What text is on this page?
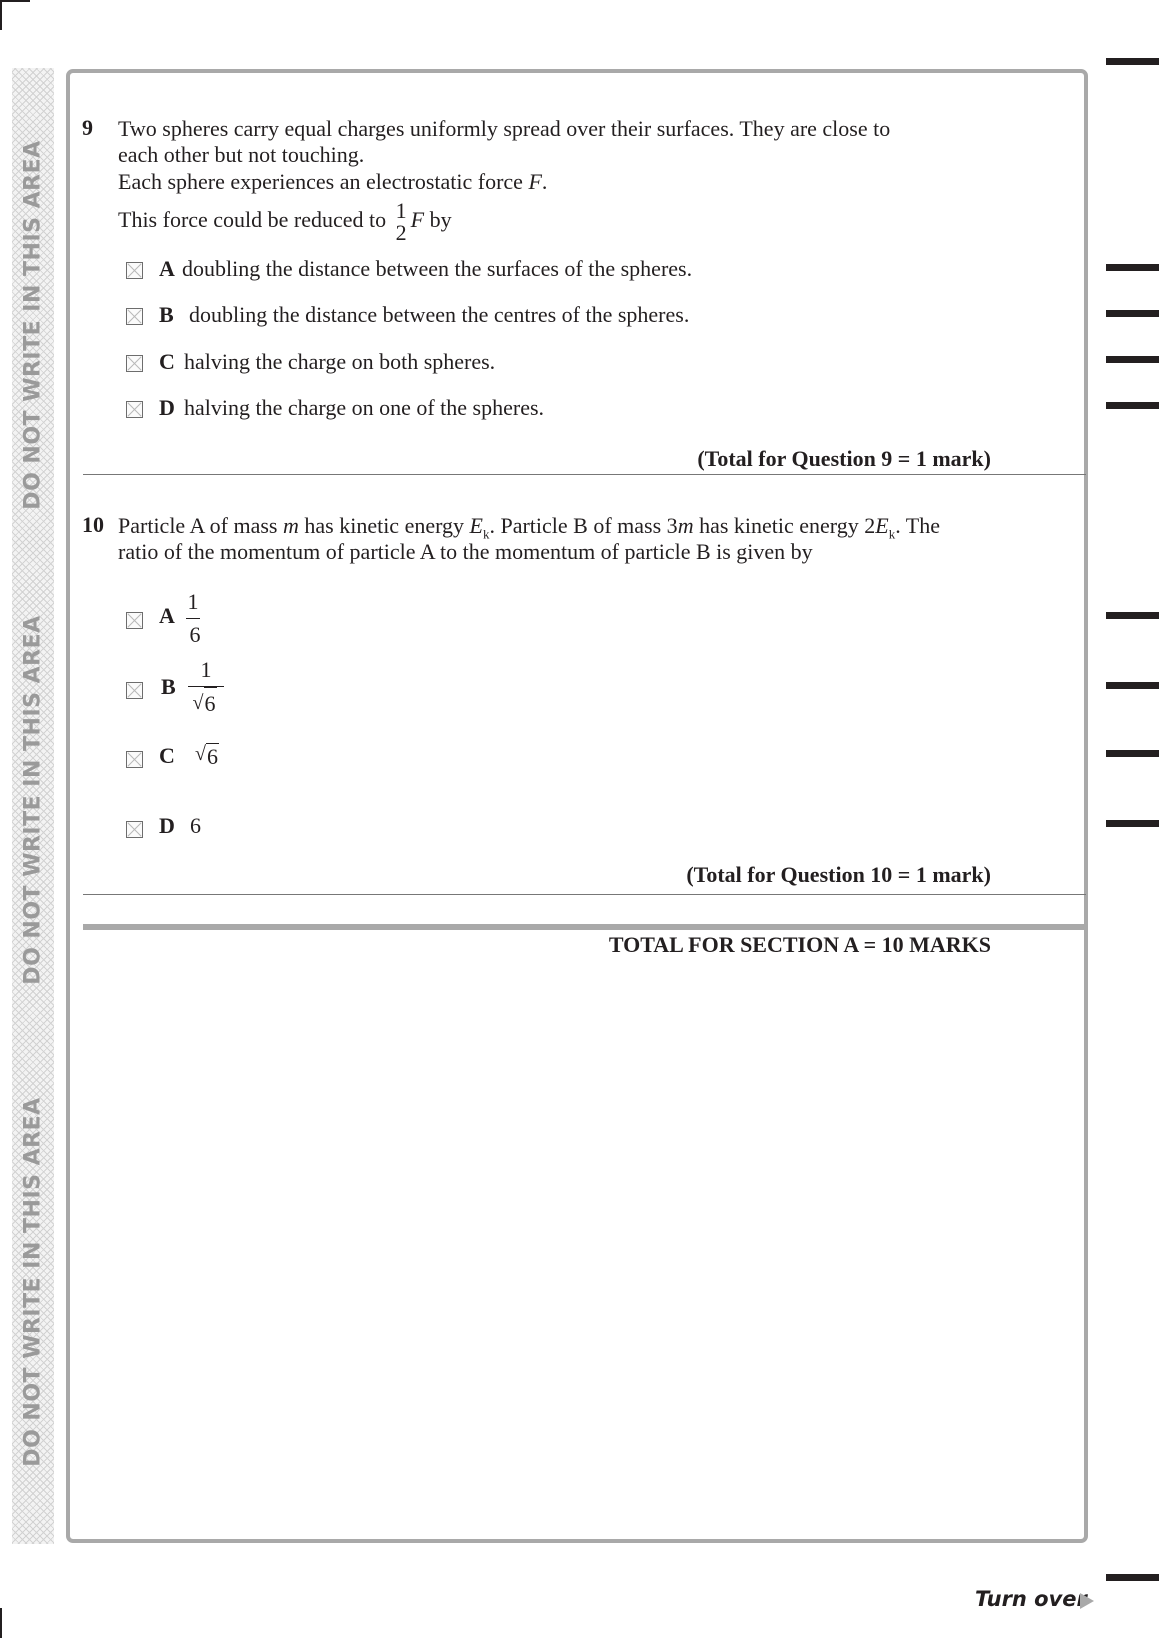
DO NOT WRITE IN THIS AREA
DO NOT WRITE IN THIS AREA
DO NOT WRITE IN THIS AREA
9 Two spheres carry equal charges uniformly spread over their surfaces. They are close to
each other but not touching.
Each sphere experiences an electrostatic force F.
This force could be reduced to 1
2
F by
A doubling the distance between the surfaces of the spheres.
B doubling the distance between the centres of the spheres.
C halving the charge on both spheres.
D halving the charge on one of the spheres.
(Total for Question 9 = 1 mark)
10 Particle A of mass m has kinetic energy $E_k$. Particle B of mass 3m has kinetic energy $2E_k$. The
ratio of the momentum of particle A to the momentum of particle B is given by
A $\frac{1}{6}$
B 1
√ 6
C	√ 6
D 6
(Total for Question 10 = 1 mark)
TOTAL FOR SECTION A = 10 MARKS
Turn over
